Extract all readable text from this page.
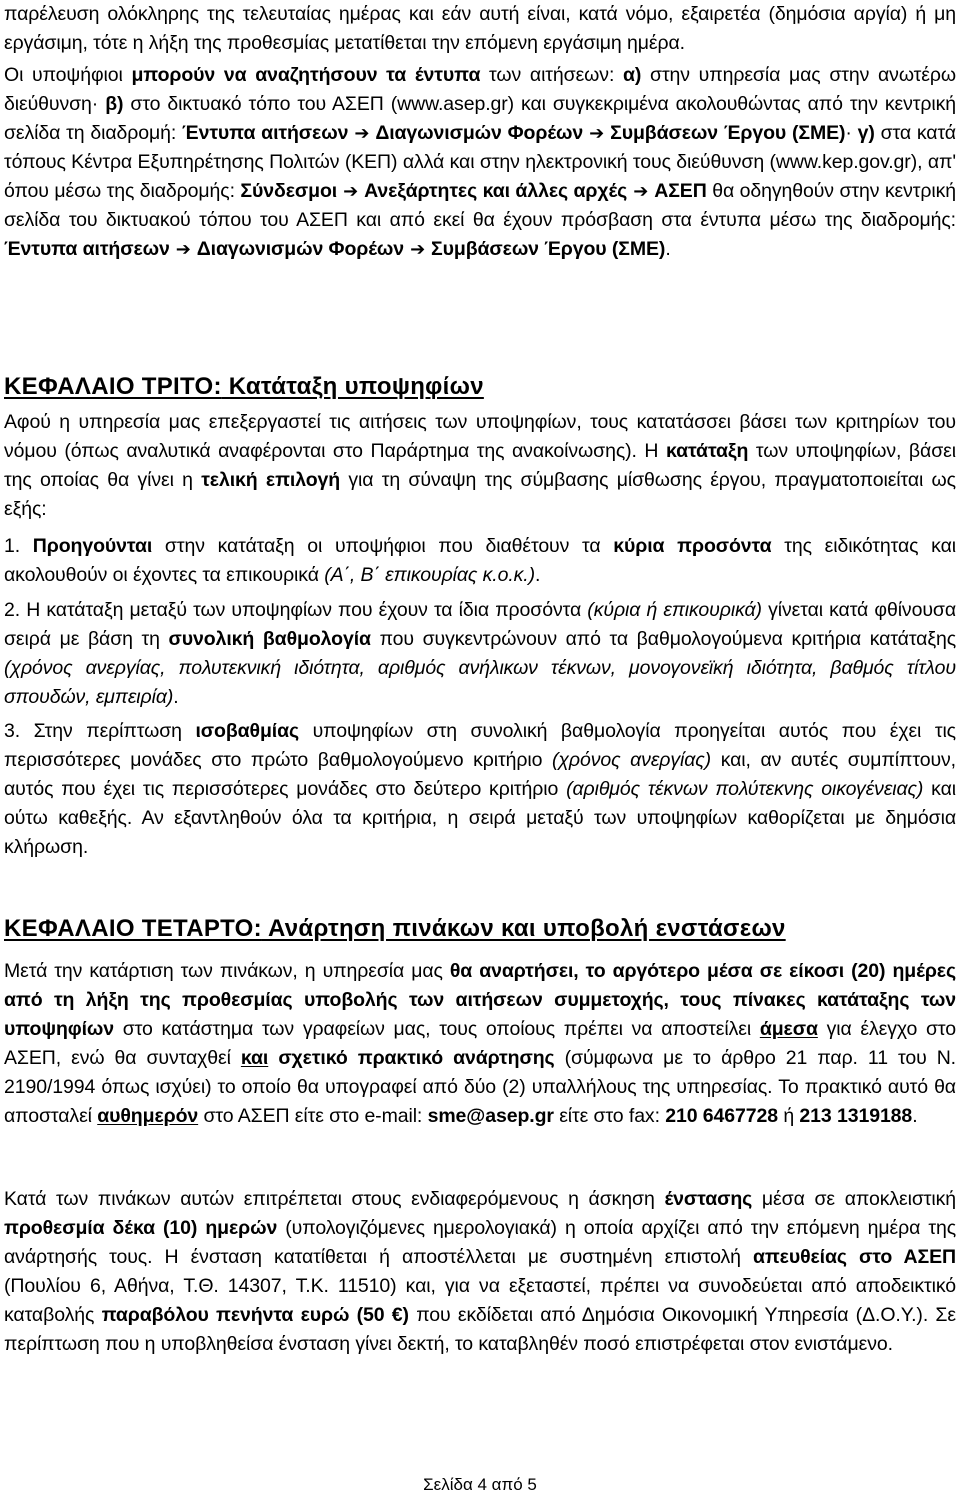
παρέλευση ολόκληρης της τελευταίας ημέρας και εάν αυτή είναι, κατά νόμο, εξαιρετέα (δημόσια αργία) ή μη εργάσιμη, τότε η λήξη της προθεσμίας μετατίθεται την επόμενη εργάσιμη ημέρα.

Οι υποψήφιοι μπορούν να αναζητήσουν τα έντυπα των αιτήσεων: α) στην υπηρεσία μας στην ανωτέρω διεύθυνση· β) στο δικτυακό τόπο του ΑΣΕΠ (www.asep.gr) και συγκεκριμένα ακολουθώντας από την κεντρική σελίδα τη διαδρομή: Έντυπα αιτήσεων ➔ Διαγωνισμών Φορέων ➔ Συμβάσεων Έργου (ΣΜΕ)· γ) στα κατά τόπους Κέντρα Εξυπηρέτησης Πολιτών (ΚΕΠ) αλλά και στην ηλεκτρονική τους διεύθυνση (www.kep.gov.gr), απ' όπου μέσω της διαδρομής: Σύνδεσμοι ➔ Ανεξάρτητες και άλλες αρχές ➔ ΑΣΕΠ θα οδηγηθούν στην κεντρική σελίδα του δικτυακού τόπου του ΑΣΕΠ και από εκεί θα έχουν πρόσβαση στα έντυπα μέσω της διαδρομής: Έντυπα αιτήσεων ➔ Διαγωνισμών Φορέων ➔ Συμβάσεων Έργου (ΣΜΕ).

ΚΕΦΑΛΑΙΟ ΤΡΙΤΟ: Κατάταξη υποψηφίων

Αφού η υπηρεσία μας επεξεργαστεί τις αιτήσεις των υποψηφίων, τους κατατάσσει βάσει των κριτηρίων του νόμου (όπως αναλυτικά αναφέρονται στο Παράρτημα της ανακοίνωσης). Η κατάταξη των υποψηφίων, βάσει της οποίας θα γίνει η τελική επιλογή για τη σύναψη της σύμβασης μίσθωσης έργου, πραγματοποιείται ως εξής:

1. Προηγούνται στην κατάταξη οι υποψήφιοι που διαθέτουν τα κύρια προσόντα της ειδικότητας και ακολουθούν οι έχοντες τα επικουρικά (Α΄, Β΄ επικουρίας κ.ο.κ.).

2. Η κατάταξη μεταξύ των υποψηφίων που έχουν τα ίδια προσόντα (κύρια ή επικουρικά) γίνεται κατά φθίνουσα σειρά με βάση τη συνολική βαθμολογία που συγκεντρώνουν από τα βαθμολογούμενα κριτήρια κατάταξης (χρόνος ανεργίας, πολυτεκνική ιδιότητα, αριθμός ανήλικων τέκνων, μονογονεϊκή ιδιότητα, βαθμός τίτλου σπουδών, εμπειρία).

3. Στην περίπτωση ισοβαθμίας υποψηφίων στη συνολική βαθμολογία προηγείται αυτός που έχει τις περισσότερες μονάδες στο πρώτο βαθμολογούμενο κριτήριο (χρόνος ανεργίας) και, αν αυτές συμπίπτουν, αυτός που έχει τις περισσότερες μονάδες στο δεύτερο κριτήριο (αριθμός τέκνων πολύτεκνης οικογένειας) και ούτω καθεξής. Αν εξαντληθούν όλα τα κριτήρια, η σειρά μεταξύ των υποψηφίων καθορίζεται με δημόσια κλήρωση.

ΚΕΦΑΛΑΙΟ ΤΕΤΑΡΤΟ: Ανάρτηση πινάκων και υποβολή ενστάσεων

Μετά την κατάρτιση των πινάκων, η υπηρεσία μας θα αναρτήσει, το αργότερο μέσα σε είκοσι (20) ημέρες από τη λήξη της προθεσμίας υποβολής των αιτήσεων συμμετοχής, τους πίνακες κατάταξης των υποψηφίων στο κατάστημα των γραφείων μας, τους οποίους πρέπει να αποστείλει άμεσα για έλεγχο στο ΑΣΕΠ, ενώ θα συνταχθεί και σχετικό πρακτικό ανάρτησης (σύμφωνα με το άρθρο 21 παρ. 11 του Ν. 2190/1994 όπως ισχύει) το οποίο θα υπογραφεί από δύο (2) υπαλλήλους της υπηρεσίας. Το πρακτικό αυτό θα αποσταλεί αυθημερόν στο ΑΣΕΠ είτε στο e-mail: sme@asep.gr είτε στο fax: 210 6467728 ή 213 1319188.

Κατά των πινάκων αυτών επιτρέπεται στους ενδιαφερόμενους η άσκηση ένστασης μέσα σε αποκλειστική προθεσμία δέκα (10) ημερών (υπολογιζόμενες ημερολογιακά) η οποία αρχίζει από την επόμενη ημέρα της ανάρτησής τους. Η ένσταση κατατίθεται ή αποστέλλεται με συστημένη επιστολή απευθείας στο ΑΣΕΠ (Πουλίου 6, Αθήνα, Τ.Θ. 14307, Τ.Κ. 11510) και, για να εξεταστεί, πρέπει να συνοδεύεται από αποδεικτικό καταβολής παραβόλου πενήντα ευρώ (50 €) που εκδίδεται από Δημόσια Οικονομική Υπηρεσία (Δ.Ο.Υ.). Σε περίπτωση που η υποβληθείσα ένσταση γίνει δεκτή, το καταβληθέν ποσό επιστρέφεται στον ενιστάμενο.

Σελίδα 4 από 5
